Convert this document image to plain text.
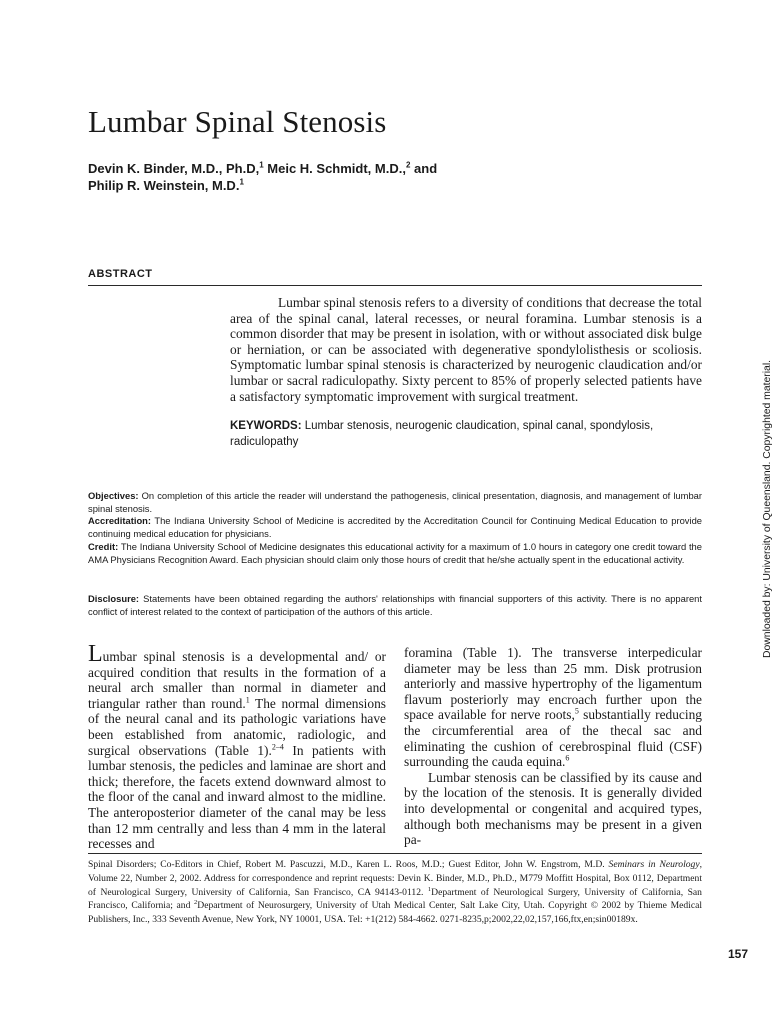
Lumbar Spinal Stenosis
Devin K. Binder, M.D., Ph.D,$^1$ Meic H. Schmidt, M.D.,$^2$ and
Philip R. Weinstein, M.D.$^1$
ABSTRACT
Lumbar spinal stenosis refers to a diversity of conditions that decrease the total area of the spinal canal, lateral recesses, or neural foramina. Lumbar stenosis is a common disorder that may be present in isolation, with or without associated disk bulge or herniation, or can be associated with degenerative spondylolisthesis or scoliosis. Symptomatic lumbar spinal stenosis is characterized by neurogenic claudication and/or lumbar or sacral radiculopathy. Sixty percent to 85% of properly selected patients have a satisfactory symptomatic improvement with surgical treatment.
KEYWORDS: Lumbar stenosis, neurogenic claudication, spinal canal, spondylosis, radiculopathy

Objectives: On completion of this article the reader will understand the pathogenesis, clinical presentation, diagnosis, and management of lumbar spinal stenosis.

Accreditation: The Indiana University School of Medicine is accredited by the Accreditation Council for Continuing Medical Education to provide continuing medical education for physicians.

Credit: The Indiana University School of Medicine designates this educational activity for a maximum of 1.0 hours in category one credit toward the AMA Physicians Recognition Award. Each physician should claim only those hours of credit that he/she actually spent in the educational activity.

Disclosure: Statements have been obtained regarding the authors' relationships with financial supporters of this activity. There is no apparent conflict of interest related to the context of participation of the authors of this article.

Lumbar spinal stenosis is a developmental and/ or acquired condition that results in the formation of a neural arch smaller than normal in diameter and triangular rather than round.$^1$ The normal dimensions of the neural canal and its pathologic variations have been established from anatomic, radiologic, and surgical observations (Table 1).$^{2-4}$ In patients with lumbar stenosis, the pedicles and laminae are short and thick; therefore, the facets extend downward almost to the floor of the canal and inward almost to the midline. The anteroposterior diameter of the canal may be less than 12 mm centrally and less than 4 mm in the lateral recesses and
foramina (Table 1). The transverse interpedicular diameter may be less than 25 mm. Disk protrusion anteriorly and massive hypertrophy of the ligamentum flavum posteriorly may encroach further upon the space available for nerve roots,$^5$ substantially reducing the circumferential area of the thecal sac and eliminating the cushion of cerebrospinal fluid (CSF) surrounding the cauda equina.$^6$
Lumbar stenosis can be classified by its cause and by the location of the stenosis. It is generally divided into developmental or congenital and acquired types, although both mechanisms may be present in a given pa-
Spinal Disorders; Co-Editors in Chief, Robert M. Pascuzzi, M.D., Karen L. Roos, M.D.; Guest Editor, John W. Engstrom, M.D. Seminars in Neurology, Volume 22, Number 2, 2002. Address for correspondence and reprint requests: Devin K. Binder, M.D., Ph.D., M779 Moffitt Hospital, Box 0112, Department of Neurological Surgery, University of California, San Francisco, CA 94143-0112. $^1$Department of Neurological Surgery, University of California, San Francisco, California; and $^2$Department of Neurosurgery, University of Utah Medical Center, Salt Lake City, Utah. Copyright © 2002 by Thieme Medical Publishers, Inc., 333 Seventh Avenue, New York, NY 10001, USA. Tel: +1(212) 584-4662. 0271-8235,p;2002,22,02,157,166,ftx,en;sin00189x.
157
Downloaded by: University of Queensland. Copyrighted material.
